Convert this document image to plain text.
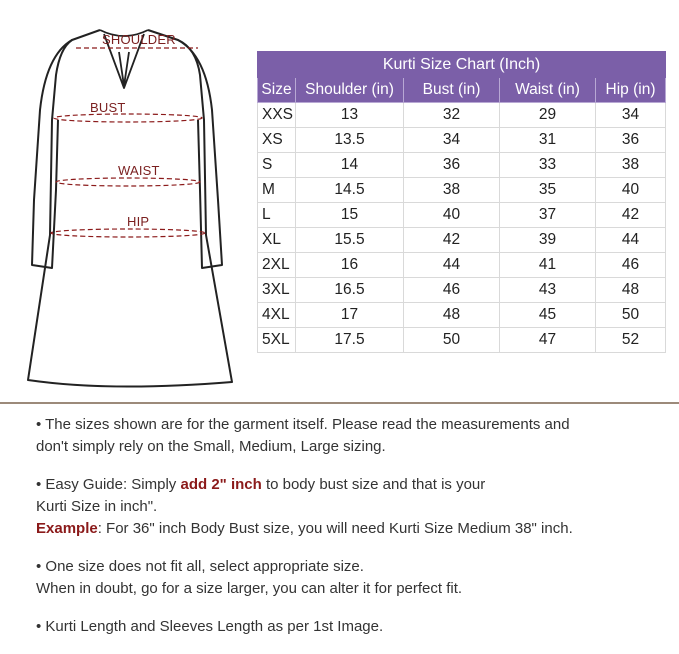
SHOULDER
BUST
WAIST
HIP
Kurti Size Chart (Inch)				
Size	Shoulder (in)	Bust (in)	Waist (in)	Hip (in)
XXS	13	32	29	34
XS	13.5	34	31	36
S	14	36	33	38
M	14.5	38	35	40
L	15	40	37	42
XL	15.5	42	39	44
2XL	16	44	41	46
3XL	16.5	46	43	48
4XL	17	48	45	50
5XL	17.5	50	47	52

• The sizes shown are for the garment itself. Please read the measurements and

don't simply rely on the Small, Medium, Large sizing.

• Easy Guide: Simply add 2" inch to body bust size and that is your

Kurti Size in inch".

Example: For 36" inch Body Bust size, you will need Kurti Size Medium 38" inch.

• One size does not fit all, select appropriate size.

When in doubt, go for a size larger, you can alter it for perfect fit.

• Kurti Length and Sleeves Length as per 1st Image.
